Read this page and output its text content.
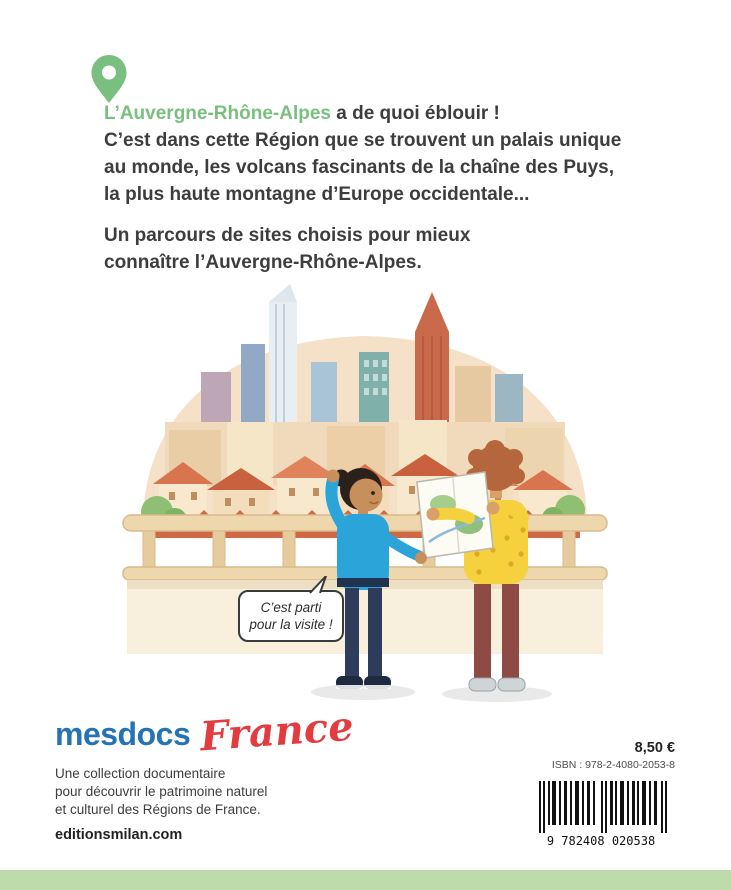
L’Auvergne-Rhône-Alpes a de quoi éblouir !
C’est dans cette Région que se trouvent un palais unique
au monde, les volcans fascinants de la chaîne des Puys,
la plus haute montagne d’Europe occidentale...
Un parcours de sites choisis pour mieux
connaître l’Auvergne-Rhône-Alpes.
C’est parti
pour la visite !
mes docs France
Une collection documentaire
pour découvrir le patrimoine naturel
et culturel des Régions de France.
editionsmilan.com
8,50 €
ISBN : 978-2-4080-2053-8
9 782408 020538
